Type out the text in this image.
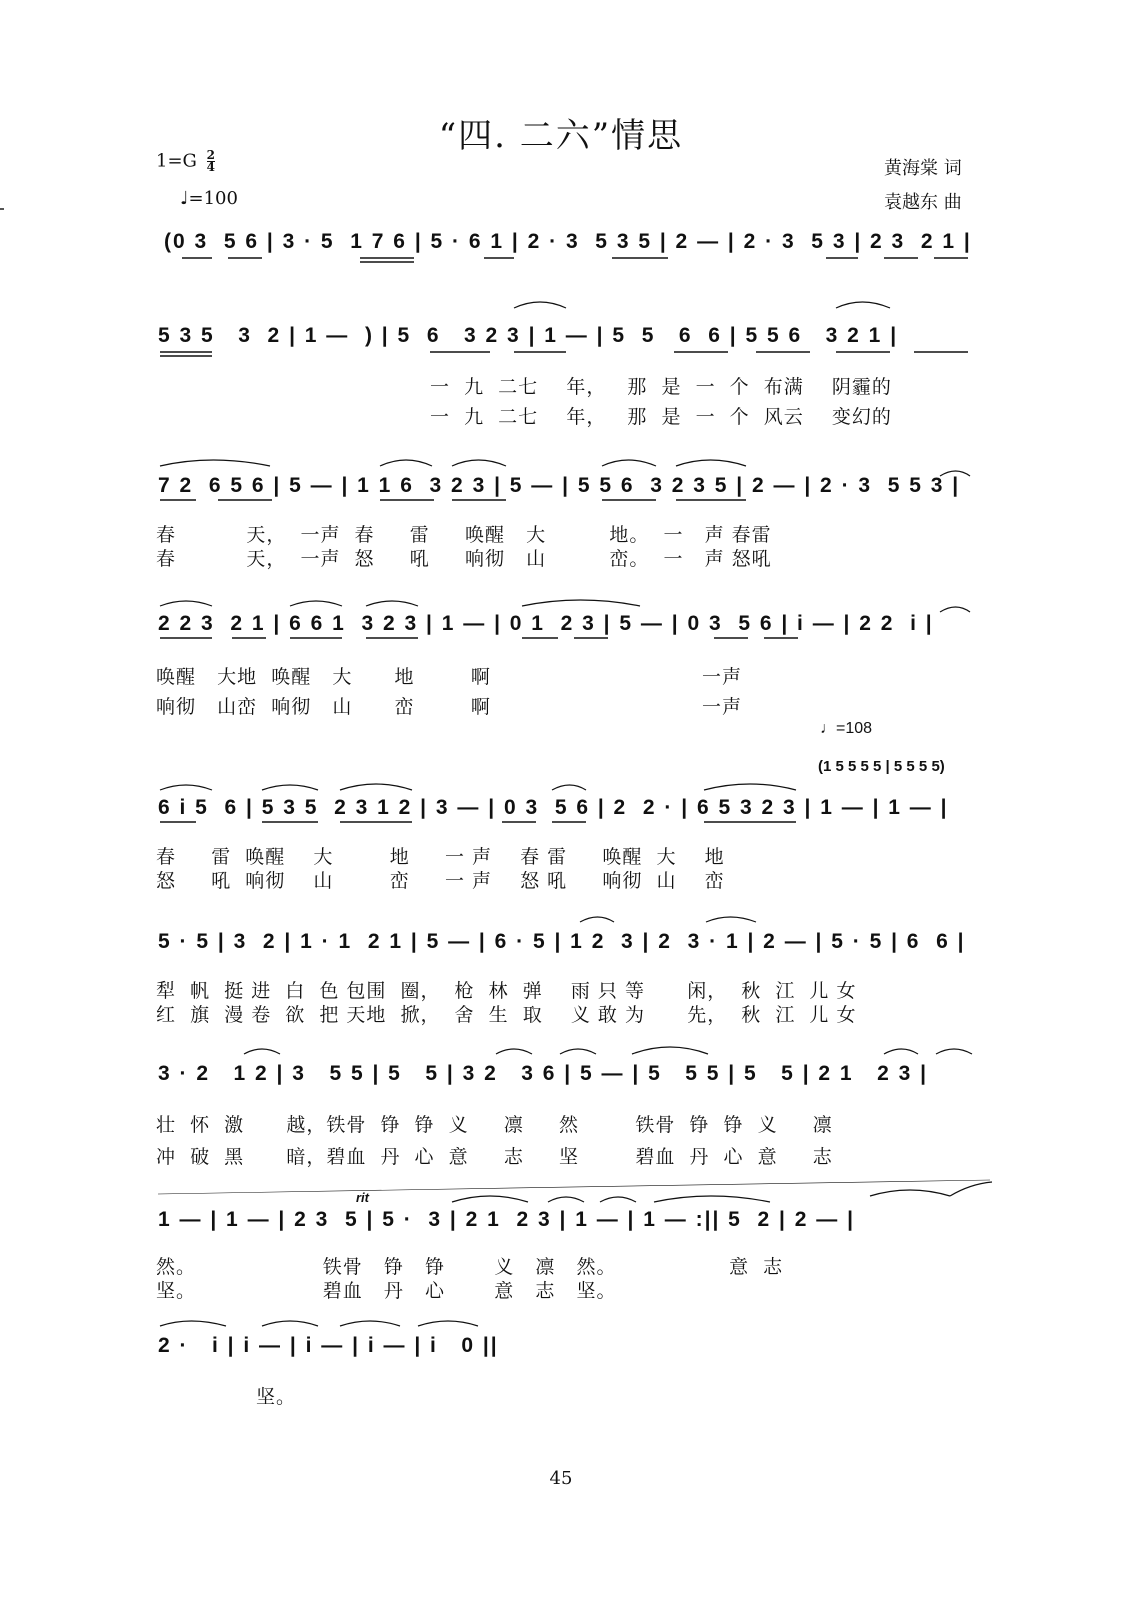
“四. 二六”情思
$1=G \frac{2}{4}$
♩=100
黄海棠 词
袁越东 曲
(0 3  5 6 | 3 · 5  1 7 6 | 5 · 6 1 | 2 · 3  5 3 5 | 2 — | 2 · 3  5 3 | 2 3  2 1 |
5 3 5   3  2 | 1 —  ) | 5  6   3 2 3 | 1 — | 5  5   6  6 | 5 5 6   3 2 1 |
一  九  二七    年，   那  是  一  个  布满    阴霾的
一  九  二七    年，   那  是  一  个  风云    变幻的
7 2  6 5 6 | 5 — | 1 1 6  3 2 3 | 5 — | 5 5 6  3 2 3 5 | 2 — | 2 · 3  5 5 3 |
春          天，  一声  春     雷     唤醒   大         地。  一   声 春雷
春          天，  一声  怒     吼     响彻   山         峦。  一   声 怒吼
2 2 3  2 1 | 6 6 1  3 2 3 | 1 — | 0 1  2 3 | 5 — | 0 3  5 6 | i — | 2 2  i |
唤醒   大地  唤醒   大      地        啊                              一声
响彻   山峦  响彻   山      峦        啊                              一声
♩=108
(1 5 5 5 5 | 5 5 5 5)
6 i 5  6 | 5 3 5  2 3 1 2 | 3 — | 0 3  5 6 | 2  2 · | 6 5 3 2 3 | 1 — | 1 — |
春     雷  唤醒    大        地     一 声    春 雷     唤醒  大    地
怒     吼  响彻    山        峦     一 声    怒 吼     响彻  山    峦
5 · 5 | 3  2 | 1 · 1  2 1 | 5 — | 6 · 5 | 1 2  3 | 2  3 · 1 | 2 — | 5 · 5 | 6  6 |
犁  帆  挺 进  白  色 包围  圈，  枪  林  弹    雨 只 等      闲，  秋  江  儿 女
红  旗  漫 卷  欲  把 天地  掀，  舍  生  取    义 敢 为      先，  秋  江  儿 女
3 · 2   1 2 | 3   5 5 | 5   5 | 3 2   3 6 | 5 — | 5   5 5 | 5   5 | 2 1   2 3 |
壮  怀  激      越，铁骨  铮  铮  义     凛     然        铁骨  铮  铮  义     凛
冲  破  黑      暗，碧血  丹  心  意     志     坚        碧血  丹  心  意     志
rit
1 — | 1 — | 2 3  5 | 5 ·  3 | 2 1  2 3 | 1 — | 1 — :|| 5  2 | 2 — |
然。                  铁骨   铮   铮       义   凛   然。                意  志
坚。                  碧血   丹   心       意   志   坚。
2 ·   i | i — | i — | i — | i   0 ||
坚。
45
